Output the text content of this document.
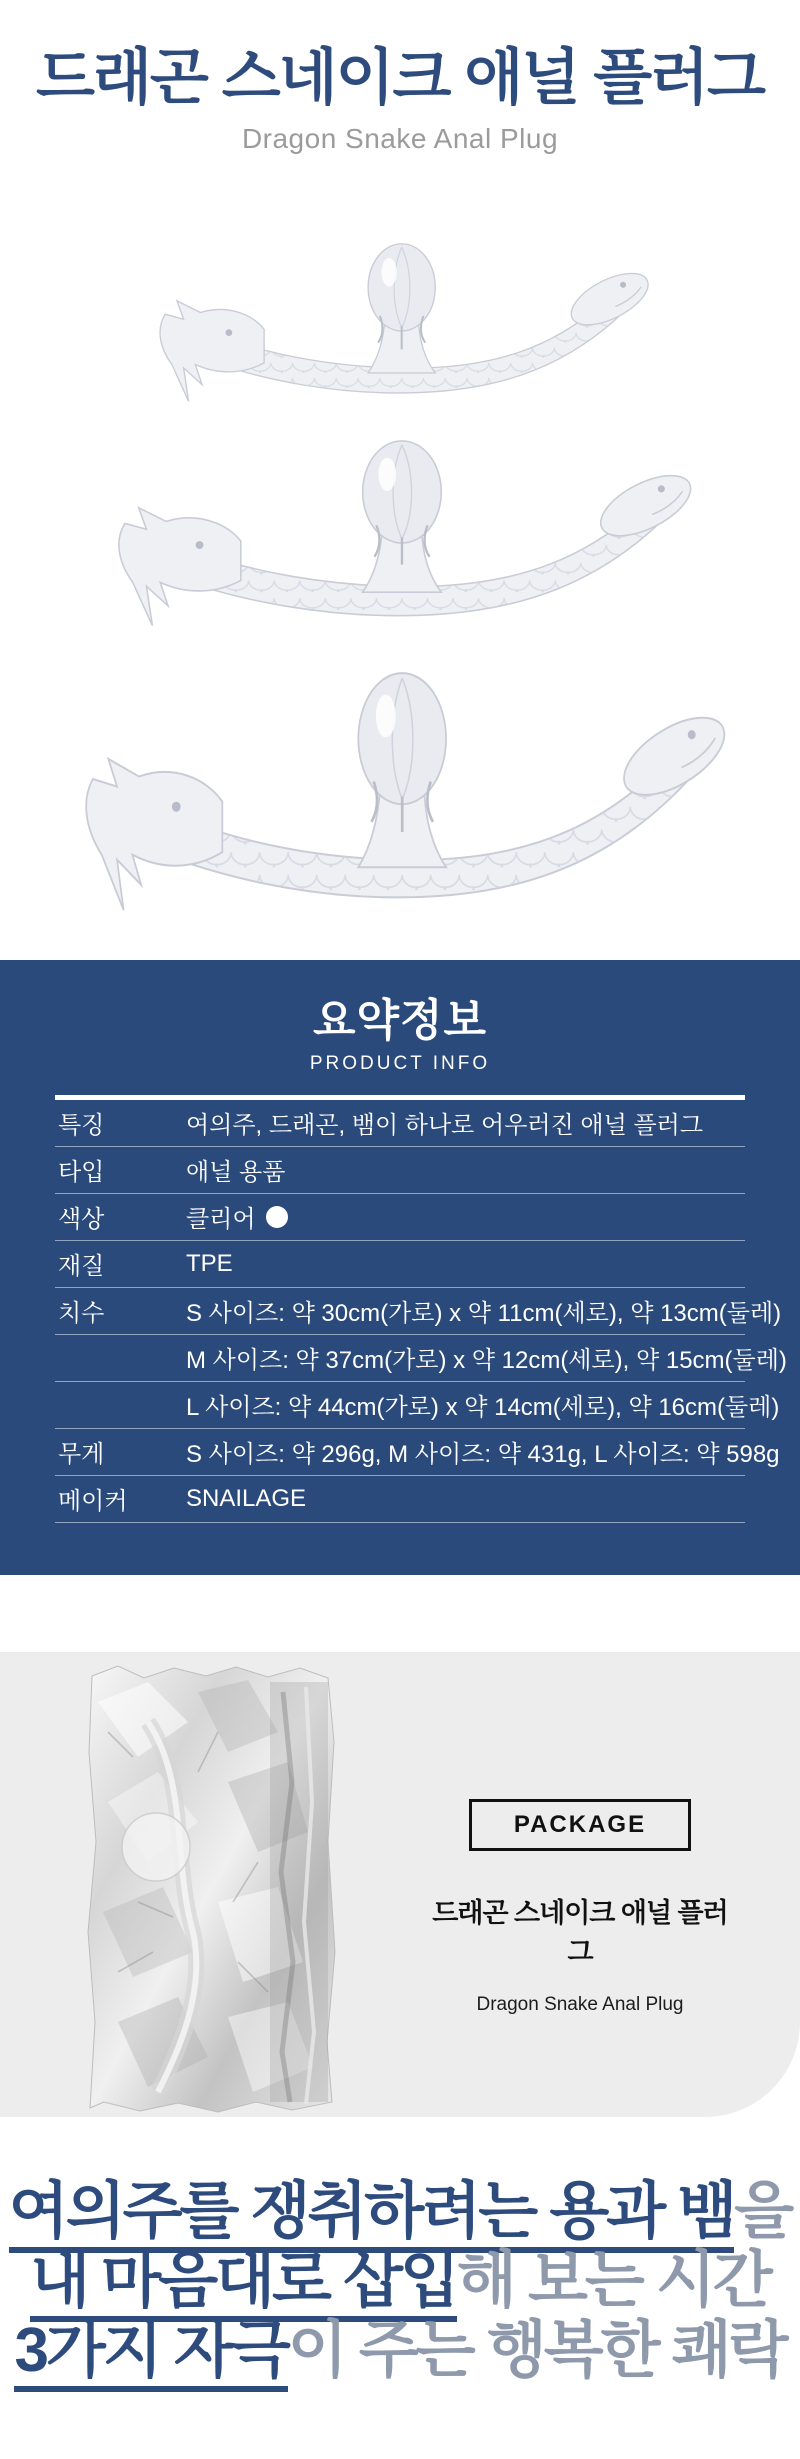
드래곤 스네이크 애널 플러그
Dragon Snake Anal Plug
요약정보
PRODUCT INFO
특징	여의주, 드래곤, 뱀이 하나로 어우러진 애널 플러그
타입	애널 용품
색상	클리어
재질	TPE
치수	S 사이즈: 약 30cm(가로) x 약 11cm(세로), 약 13cm(둘레)
M 사이즈: 약 37cm(가로) x 약 12cm(세로), 약 15cm(둘레)
L 사이즈: 약 44cm(가로) x 약 14cm(세로), 약 16cm(둘레)
무게	S 사이즈: 약 296g, M 사이즈: 약 431g, L 사이즈: 약 598g
메이커	SNAILAGE
PACKAGE
드래곤 스네이크 애널 플러그
Dragon Snake Anal Plug
여의주를 쟁취하려는 용과 뱀을
내 마음대로 삽입해 보는 시간
3가지 자극이 주는 행복한 쾌락
